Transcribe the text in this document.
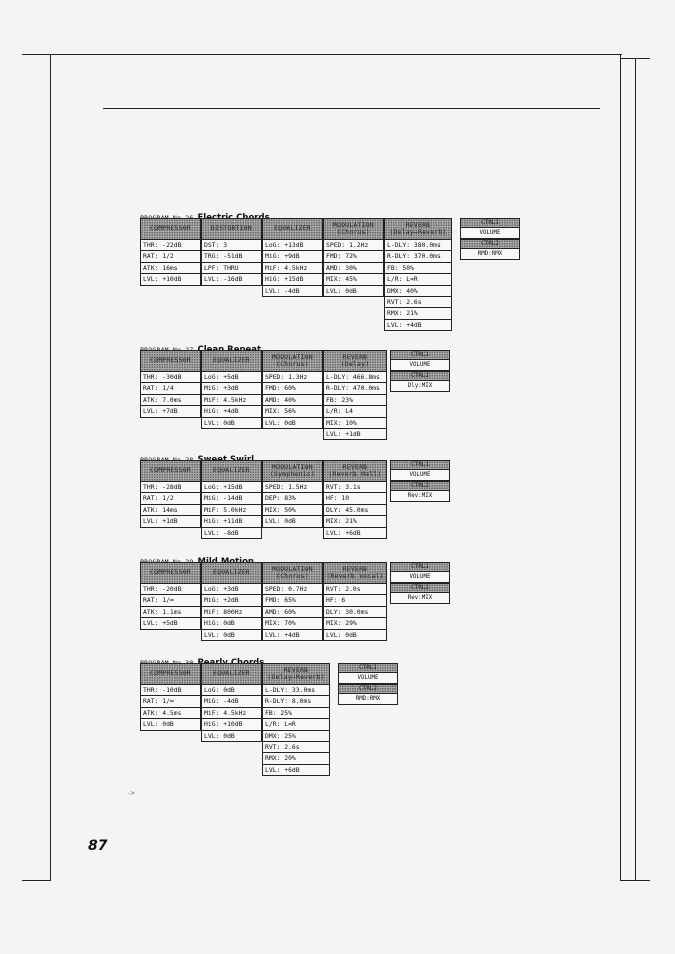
COMPRESSOR
THR: -22dB
RAT: 1/2
ATK: 16ms
LVL: +10dB
DISTORTION
DST: 3
TRG: -51dB
LPF: THRU
LVL: -16dB
EQUALIZER
LoG: +13dB
MiG: +9dB
MiF: 4.5kHz
HiG: +15dB
LVL: -4dB
MODULATION
(Chorus)
SPED: 1.2Hz
FMD: 72%
AMD: 30%
MIX: 45%
LVL: 0dB
REVERB
(Delay→Reverb)
L-DLY: 380.0ms
R-DLY: 370.0ms
FB: 50%
L/R: L=R
DMX: 40%
RVT: 2.6s
RMX: 21%
LVL: +4dB
CTRL1
VOLUME
CTRL2
RMD:RMX
COMPRESSOR
THR: -30dB
RAT: 1/4
ATK: 7.0ms
LVL: +7dB
EQUALIZER
LoG: +5dB
MiG: +3dB
MiF: 4.5kHz
HiG: +4dB
LVL: 0dB
MODULATION
(Chorus)
SPED: 1.3Hz
FMD: 60%
AMD: 40%
MIX: 56%
LVL: 0dB
REVERB
(Delay)
L-DLY: 466.8ms
R-DLY: 470.0ms
FB: 23%
L/R: L4
MIX: 10%
LVL: +1dB
CTRL1
VOLUME
CTRL2
Dly:MIX
COMPRESSOR
THR: -28dB
RAT: 1/2
ATK: 14ms
LVL: +1dB
EQUALIZER
LoG: +15dB
MiG: -14dB
MiF: 5.0kHz
HiG: +11dB
LVL: -8dB
MODULATION
(Symphonic)
SPED: 1.5Hz
DEP: 83%
MIX: 50%
LVL: 0dB
REVERB
(Reverb Hall)
RVT: 3.1s
HF: 10
DLY: 45.0ms
MIX: 21%
LVL: +6dB
CTRL1
VOLUME
CTRL2
Rev:MIX
COMPRESSOR
THR: -20dB
RAT: 1/∞
ATK: 1.1ms
LVL: +5dB
EQUALIZER
LoG: +3dB
MiG: +2dB
MiF: 800Hz
HiG: 0dB
LVL: 0dB
MODULATION
(Chorus)
SPED: 0.7Hz
FMD: 65%
AMD: 60%
MIX: 70%
LVL: +4dB
REVERB
(Reverb Vocal)
RVT: 2.0s
HF: 6
DLY: 30.0ms
MIX: 29%
LVL: 0dB
CTRL1
VOLUME
CTRL2
Rev:MIX
COMPRESSOR
THR: -10dB
RAT: 1/∞
ATK: 4.5ms
LVL: 0dB
EQUALIZER
LoG: 0dB
MiG: -4dB
MiF: 4.5kHz
HiG: +10dB
LVL: 0dB
REVERB
(Delay→Reverb)
L-DLY: 33.0ms
R-DLY: 8.0ms
FB: 25%
L/R: L=R
DMX: 25%
RVT: 2.6s
RMX: 20%
LVL: +6dB
CTRL1
VOLUME
CTRL2
RMD:RMX
->
87
